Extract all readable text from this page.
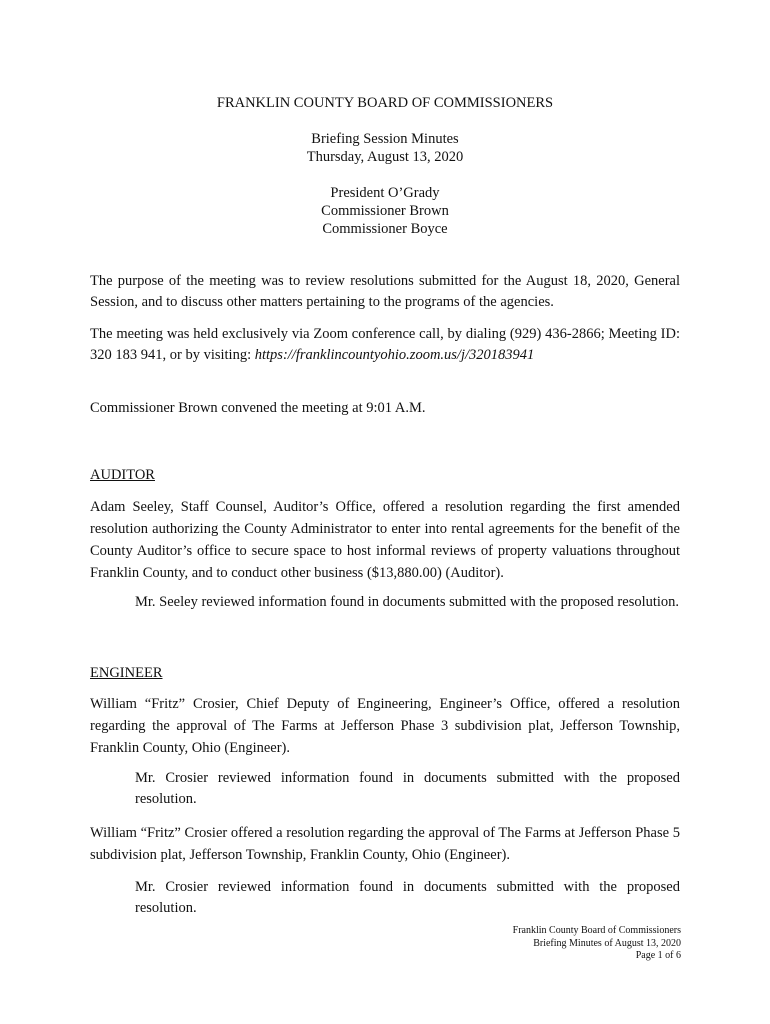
FRANKLIN COUNTY BOARD OF COMMISSIONERS
Briefing Session Minutes
Thursday, August 13, 2020
President O’Grady
Commissioner Brown
Commissioner Boyce
The purpose of the meeting was to review resolutions submitted for the August 18, 2020, General Session, and to discuss other matters pertaining to the programs of the agencies.
The meeting was held exclusively via Zoom conference call, by dialing (929) 436-2866; Meeting ID: 320 183 941, or by visiting: https://franklincountyohio.zoom.us/j/320183941
Commissioner Brown convened the meeting at 9:01 A.M.
AUDITOR
Adam Seeley, Staff Counsel, Auditor’s Office, offered a resolution regarding the first amended resolution authorizing the County Administrator to enter into rental agreements for the benefit of the County Auditor’s office to secure space to host informal reviews of property valuations throughout Franklin County, and to conduct other business ($13,880.00) (Auditor).
Mr. Seeley reviewed information found in documents submitted with the proposed resolution.
ENGINEER
William “Fritz” Crosier, Chief Deputy of Engineering, Engineer’s Office, offered a resolution regarding the approval of The Farms at Jefferson Phase 3 subdivision plat, Jefferson Township, Franklin County, Ohio (Engineer).
Mr. Crosier reviewed information found in documents submitted with the proposed resolution.
William “Fritz” Crosier offered a resolution regarding the approval of The Farms at Jefferson Phase 5 subdivision plat, Jefferson Township, Franklin County, Ohio (Engineer).
Mr. Crosier reviewed information found in documents submitted with the proposed resolution.
Franklin County Board of Commissioners
Briefing Minutes of August 13, 2020
Page 1 of 6
